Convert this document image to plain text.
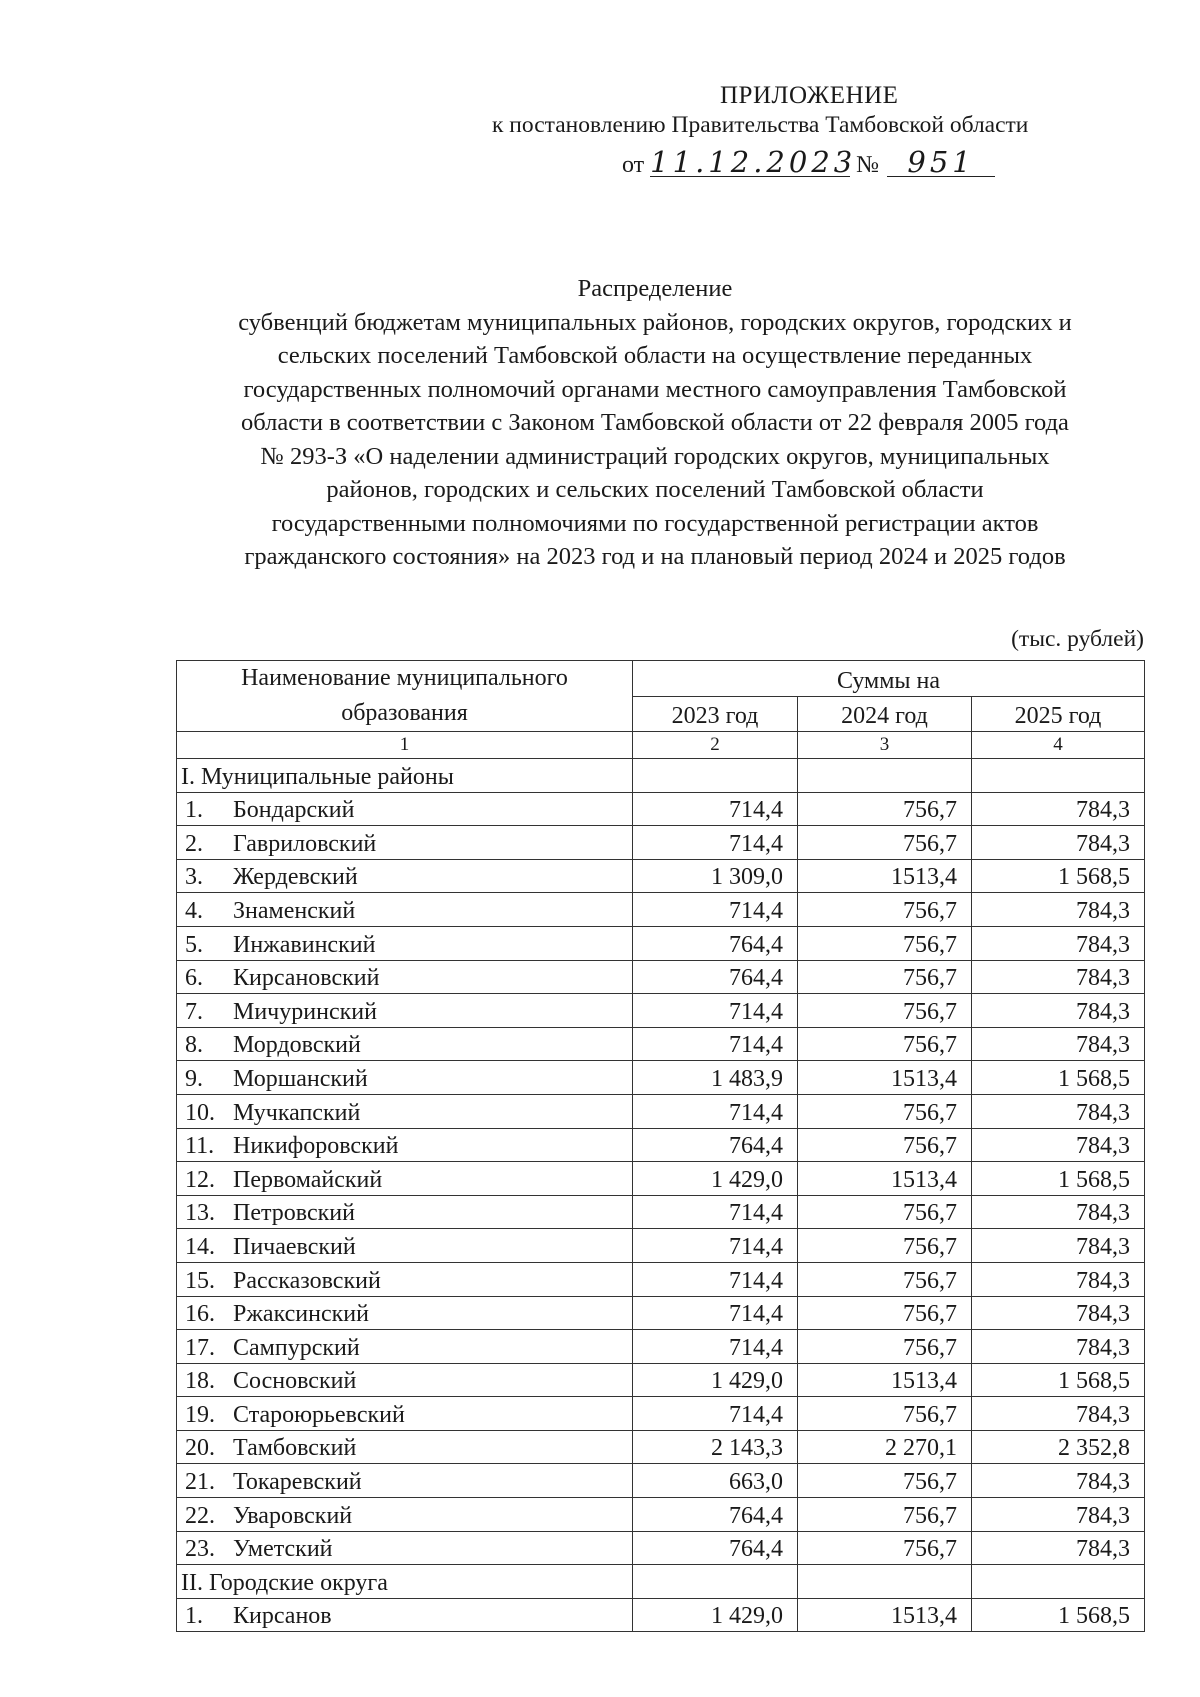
ПРИЛОЖЕНИЕ
к постановлению Правительства Тамбовской области
от 11.12.2023№ 951
Распределение
субвенций бюджетам муниципальных районов, городских округов, городских и
сельских поселений Тамбовской области на осуществление переданных
государственных полномочий органами местного самоуправления Тамбовской
области в соответствии с Законом Тамбовской области от 22 февраля 2005 года
№ 293-З «О наделении администраций городских округов, муниципальных
районов, городских и сельских поселений Тамбовской области
государственными полномочиями по государственной регистрации актов
гражданского состояния» на 2023 год и на плановый период 2024 и 2025 годов
(тыс. рублей)
Наименование муниципального образования	Суммы на		
	2023 год	2024 год	2025 год
1	2	3	4
I. Муниципальные районы			
1. Бондарский	714,4	756,7	784,3
2. Гавриловский	714,4	756,7	784,3
3. Жердевский	1 309,0	1513,4	1 568,5
4. Знаменский	714,4	756,7	784,3
5. Инжавинский	764,4	756,7	784,3
6. Кирсановский	764,4	756,7	784,3
7. Мичуринский	714,4	756,7	784,3
8. Мордовский	714,4	756,7	784,3
9. Моршанский	1 483,9	1513,4	1 568,5
10. Мучкапский	714,4	756,7	784,3
11. Никифоровский	764,4	756,7	784,3
12. Первомайский	1 429,0	1513,4	1 568,5
13. Петровский	714,4	756,7	784,3
14. Пичаевский	714,4	756,7	784,3
15. Рассказовский	714,4	756,7	784,3
16. Ржаксинский	714,4	756,7	784,3
17. Сампурский	714,4	756,7	784,3
18. Сосновский	1 429,0	1513,4	1 568,5
19. Староюрьевский	714,4	756,7	784,3
20. Тамбовский	2 143,3	2 270,1	2 352,8
21. Токаревский	663,0	756,7	784,3
22. Уваровский	764,4	756,7	784,3
23. Уметский	764,4	756,7	784,3
II. Городские округа			
1. Кирсанов	1 429,0	1513,4	1 568,5
